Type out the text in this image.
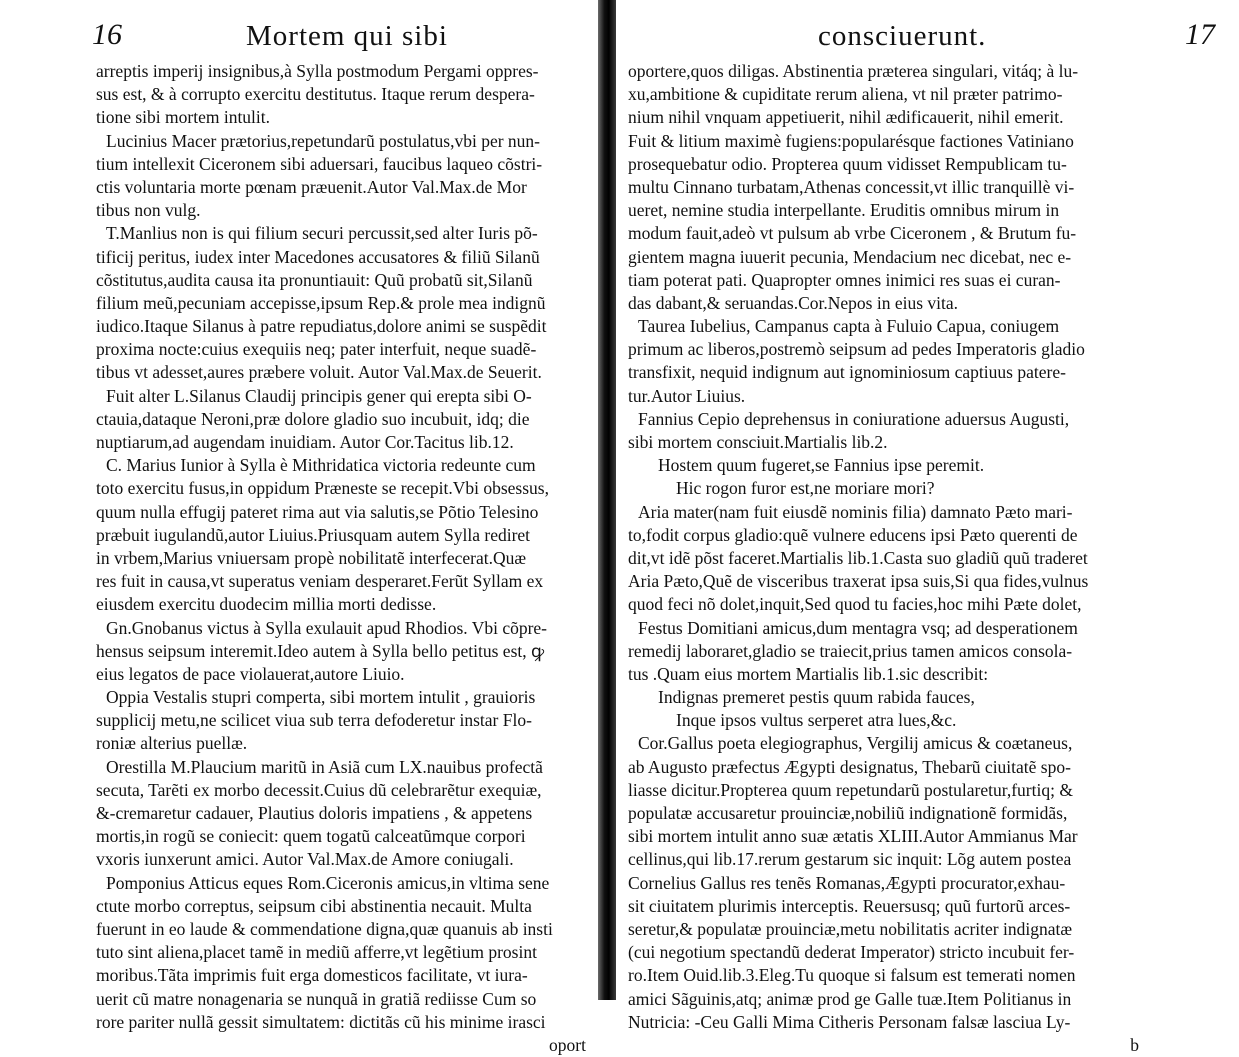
16	Mortem qui sibi
arreptis imperij insignibus,à Sylla postmodum Pergami oppres-
sus est, & à corrupto exercitu destitutus. Itaque rerum despera-
tione sibi mortem intulit.
Lucinius Macer prætorius,repetundarũ postulatus,vbi per nun-
tium intellexit Ciceronem sibi aduersari, faucibus laqueo cõstri-
ctis voluntaria morte pœnam præuenit.Autor Val.Max.de Mor
tibus non vulg.
T.Manlius non is qui filium securi percussit,sed alter Iuris põ-
tificij peritus, iudex inter Macedones accusatores & filiũ Silanũ
cõstitutus,audita causa ita pronuntiauit: Quũ probatũ sit,Silanũ
filium meũ,pecuniam accepisse,ipsum Rep.& prole mea indignũ
iudico.Itaque Silanus à patre repudiatus,dolore animi se suspẽdit
proxima nocte:cuius exequiis neq; pater interfuit, neque suadẽ-
tibus vt adesset,aures præbere voluit. Autor Val.Max.de Seuerit.
Fuit alter L.Silanus Claudij principis gener qui erepta sibi O-
ctauia,dataque Neroni,præ dolore gladio suo incubuit, idq; die
nuptiarum,ad augendam inuidiam. Autor Cor.Tacitus lib.12.
C. Marius Iunior à Sylla è Mithridatica victoria redeunte cum
toto exercitu fusus,in oppidum Præneste se recepit.Vbi obsessus,
quum nulla effugij pateret rima aut via salutis,se Põtio Telesino
præbuit iugulandũ,autor Liuius.Priusquam autem Sylla rediret
in vrbem,Marius vniuersam propè nobilitatẽ interfecerat.Quæ
res fuit in causa,vt superatus veniam desperaret.Ferũt Syllam ex
eiusdem exercitu duodecim millia morti dedisse.
Gn.Gnobanus victus à Sylla exulauit apud Rhodios. Vbi cõpre-
hensus seipsum interemit.Ideo autem à Sylla bello petitus est, ꝙ
eius legatos de pace violauerat,autore Liuio.
Oppia Vestalis stupri comperta, sibi mortem intulit , grauioris
supplicij metu,ne scilicet viua sub terra defoderetur instar Flo-
roniæ alterius puellæ.
Orestilla M.Plaucium maritũ in Asiã cum LX.nauibus profectã
secuta, Tarẽti ex morbo decessit.Cuius dũ celebrarẽtur exequiæ,
&-cremaretur cadauer, Plautius doloris impatiens , & appetens
mortis,in rogũ se coniecit: quem togatũ calceatũmque corpori
vxoris iunxerunt amici. Autor Val.Max.de Amore coniugali.
Pomponius Atticus eques Rom.Ciceronis amicus,in vltima sene
ctute morbo correptus, seipsum cibi abstinentia necauit. Multa
fuerunt in eo laude & commendatione digna,quæ quanuis ab insti
tuto sint aliena,placet tamẽ in mediũ afferre,vt legẽtium prosint
moribus.Tãta imprimis fuit erga domesticos facilitate, vt iura-
uerit cũ matre nonagenaria se nunquã in gratiã rediisse Cum so
rore pariter nullã gessit simultatem: dictitãs cũ his minime irasci
oport
consciuerunt.	17
oportere,quos diligas. Abstinentia præterea singulari, vitáq; à lu-
xu,ambitione & cupiditate rerum aliena, vt nil præter patrimo-
nium nihil vnquam appetiuerit, nihil ædificauerit, nihil emerit.
Fuit & litium maximè fugiens:popularésque factiones Vatiniano
prosequebatur odio. Propterea quum vidisset Rempublicam tu-
multu Cinnano turbatam,Athenas concessit,vt illic tranquillè vi-
ueret, nemine studia interpellante. Eruditis omnibus mirum in
modum fauit,adeò vt pulsum ab vrbe Ciceronem , & Brutum fu-
gientem magna iuuerit pecunia, Mendacium nec dicebat, nec e-
tiam poterat pati. Quapropter omnes inimici res suas ei curan-
das dabant,& seruandas.Cor.Nepos in eius vita.
Taurea Iubelius, Campanus capta à Fuluio Capua, coniugem
primum ac liberos,postremò seipsum ad pedes Imperatoris gladio
transfixit, nequid indignum aut ignominiosum captiuus patere-
tur.Autor Liuius.
Fannius Cepio deprehensus in coniuratione aduersus Augusti,
sibi mortem consciuit.Martialis lib.2.
Hostem quum fugeret,se Fannius ipse peremit.
Hic rogon furor est,ne moriare mori?
Aria mater(nam fuit eiusdẽ nominis filia) damnato Pæto mari-
to,fodit corpus gladio:quẽ vulnere educens ipsi Pæto querenti de
dit,vt idẽ põst faceret.Martialis lib.1.Casta suo gladiũ quũ traderet
Aria Pæto,Quẽ de visceribus traxerat ipsa suis,Si qua fides,vulnus
quod feci nõ dolet,inquit,Sed quod tu facies,hoc mihi Pæte dolet,
Festus Domitiani amicus,dum mentagra vsq; ad desperationem
remedij laboraret,gladio se traiecit,prius tamen amicos consola-
tus .Quam eius mortem Martialis lib.1.sic describit:
Indignas premeret pestis quum rabida fauces,
Inque ipsos vultus serperet atra lues,&c.
Cor.Gallus poeta elegiographus, Vergilij amicus & coætaneus,
ab Augusto præfectus Ægypti designatus, Thebarũ ciuitatẽ spo-
liasse dicitur.Propterea quum repetundarũ postularetur,furtiq; &
populatæ accusaretur prouinciæ,nobiliũ indignationẽ formidãs,
sibi mortem intulit anno suæ ætatis XLIII.Autor Ammianus Mar
cellinus,qui lib.17.rerum gestarum sic inquit: Lõg autem postea
Cornelius Gallus res tenẽs Romanas,Ægypti procurator,exhau-
sit ciuitatem plurimis interceptis. Reuersusq; quũ furtorũ arces-
seretur,& populatæ prouinciæ,metu nobilitatis acriter indignatæ
(cui negotium spectandũ dederat Imperator) stricto incubuit fer-
ro.Item Ouid.lib.3.Eleg.Tu quoque si falsum est temerati nomen
amici Sãguinis,atq; animæ prod ge Galle tuæ.Item Politianus in
Nutricia: -Ceu Galli Mima Citheris Personam falsæ lasciua Ly-
b
